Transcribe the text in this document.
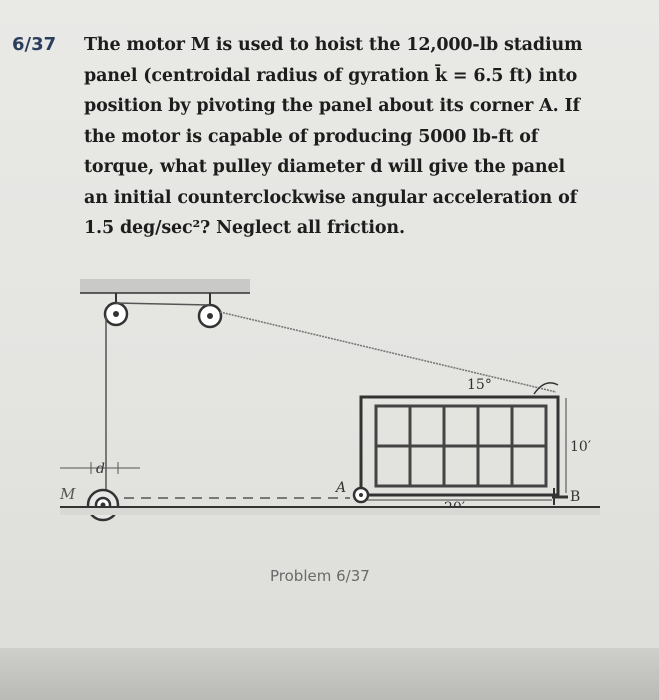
6/37 The motor M is used to hoist the 12,000-lb stadium
panel (centroidal radius of gyration k̄ = 6.5 ft) into
position by pivoting the panel about its corner A. If
the motor is capable of producing 5000 lb-ft of
torque, what pulley diameter d will give the panel
an initial counterclockwise angular acceleration of
1.5 deg/sec²? Neglect all friction.
15°
10′
B
A
M
d
Problem 6/37
